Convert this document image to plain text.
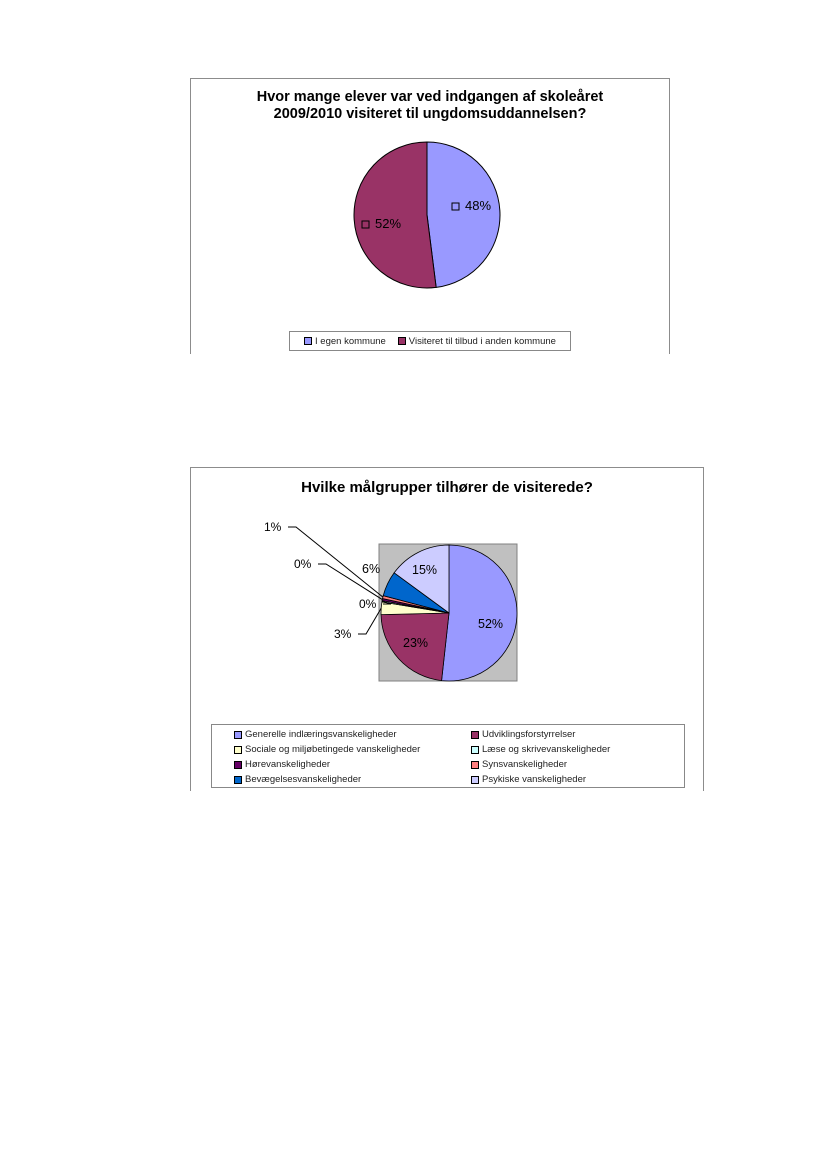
Hvor mange elever var ved indgangen af skoleåret
2009/2010 visiteret til ungdomsuddannelsen?
48%
52%
I egen kommune Visiteret til tilbud i anden kommune
Hvilke målgrupper tilhører de visiterede?
52%
23%
3%
0%
0%
1%
6%	15%
Generelle indlæringsvanskeligheder	Udviklingsforstyrrelser
Sociale og miljøbetingede vanskeligheder	Læse og skrivevanskeligheder
Hørevanskeligheder	Synsvanskeligheder
Bevægelsesvanskeligheder	Psykiske vanskeligheder
